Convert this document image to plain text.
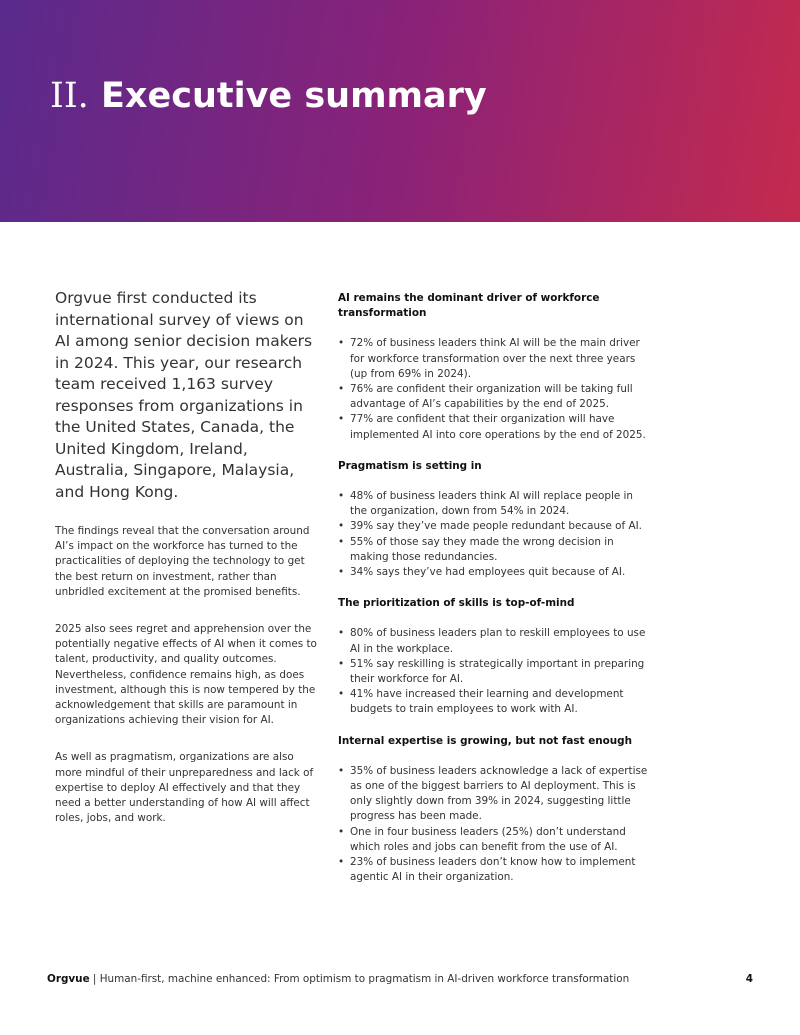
II. Executive summary

Orgvue first conducted its international survey of views on AI among senior decision makers in 2024. This year, our research team received 1,163 survey responses from organizations in the United States, Canada, the United Kingdom, Ireland, Australia, Singapore, Malaysia, and Hong Kong.

The findings reveal that the conversation around AI’s impact on the workforce has turned to the practicalities of deploying the technology to get the best return on investment, rather than unbridled excitement at the promised benefits.

2025 also sees regret and apprehension over the potentially negative effects of AI when it comes to talent, productivity, and quality outcomes. Nevertheless, confidence remains high, as does investment, although this is now tempered by the acknowledgement that skills are paramount in organizations achieving their vision for AI.

As well as pragmatism, organizations are also more mindful of their unpreparedness and lack of expertise to deploy AI effectively and that they need a better understanding of how AI will affect roles, jobs, and work.

AI remains the dominant driver of workforce transformation

• 72% of business leaders think AI will be the main driver for workforce transformation over the next three years (up from 69% in 2024).
• 76% are confident their organization will be taking full advantage of AI’s capabilities by the end of 2025.
• 77% are confident that their organization will have implemented AI into core operations by the end of 2025.

Pragmatism is setting in

• 48% of business leaders think AI will replace people in the organization, down from 54% in 2024.
• 39% say they’ve made people redundant because of AI.
• 55% of those say they made the wrong decision in making those redundancies.
• 34% says they’ve had employees quit because of AI.

The prioritization of skills is top-of-mind

• 80% of business leaders plan to reskill employees to use AI in the workplace.
• 51% say reskilling is strategically important in preparing their workforce for AI.
• 41% have increased their learning and development budgets to train employees to work with AI.

Internal expertise is growing, but not fast enough

• 35% of business leaders acknowledge a lack of expertise as one of the biggest barriers to AI deployment. This is only slightly down from 39% in 2024, suggesting little progress has been made.
• One in four business leaders (25%) don’t understand which roles and jobs can benefit from the use of AI.
• 23% of business leaders don’t know how to implement agentic AI in their organization.
Orgvue | Human-first, machine enhanced: From optimism to pragmatism in AI-driven workforce transformation	4
